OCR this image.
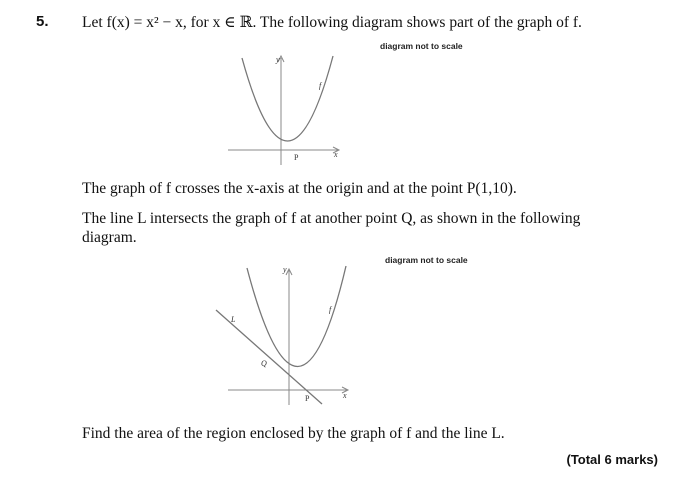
5. Let f(x) = x² − x, for x ∈ ℝ. The following diagram shows part of the graph of f.
diagram not to scale
y
x
f
P
The graph of f crosses the x-axis at the origin and at the point P(1,10).
The line L intersects the graph of f at another point Q, as shown in the following
diagram.
diagram not to scale
y
x
f
L
Q
P
Find the area of the region enclosed by the graph of f and the line L.
(Total 6 marks)
